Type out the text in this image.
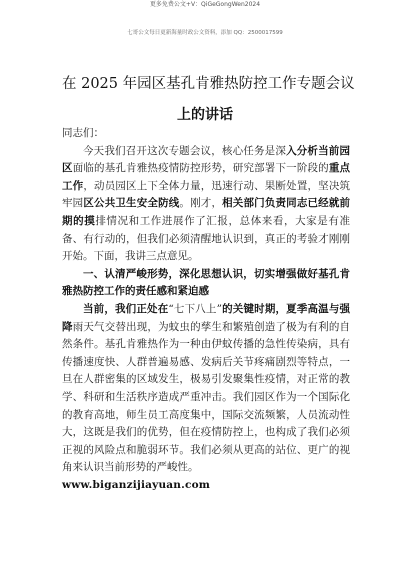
更多免费公文+V：QiGeGongWen2024
七哥公文每日更新海量时政公文资料，添加 QQ：2500017599
在 2025 年园区基孔肯雅热防控工作专题会议
上的讲话

同志们：

今天我们召开这次专题会议，核心任务是深入分析当前园区面临的基孔肯雅热疫情防控形势，研究部署下一阶段的重点工作，动员园区上下全体力量，迅速行动、果断处置，坚决筑牢园区公共卫生安全防线。刚才，相关部门负责同志已经就前期的摸排情况和工作进展作了汇报，总体来看，大家是有准备、有行动的，但我们必须清醒地认识到，真正的考验才刚刚开始。下面，我讲三点意见。

一、认清严峻形势，深化思想认识，切实增强做好基孔肯雅热防控工作的责任感和紧迫感

当前，我们正处在“七下八上”的关键时期，夏季高温与强降雨天气交替出现，为蚊虫的孳生和繁殖创造了极为有利的自然条件。基孔肯雅热作为一种由伊蚊传播的急性传染病，具有传播速度快、人群普遍易感、发病后关节疼痛剧烈等特点，一旦在人群密集的区域发生，极易引发聚集性疫情，对正常的教学、科研和生活秩序造成严重冲击。我们园区作为一个国际化的教育高地，师生员工高度集中，国际交流频繁，人员流动性大，这既是我们的优势，但在疫情防控上，也构成了我们必须正视的风险点和脆弱环节。我们必须从更高的站位、更广的视角来认识当前形势的严峻性。

www.biganzijiayuan.com
